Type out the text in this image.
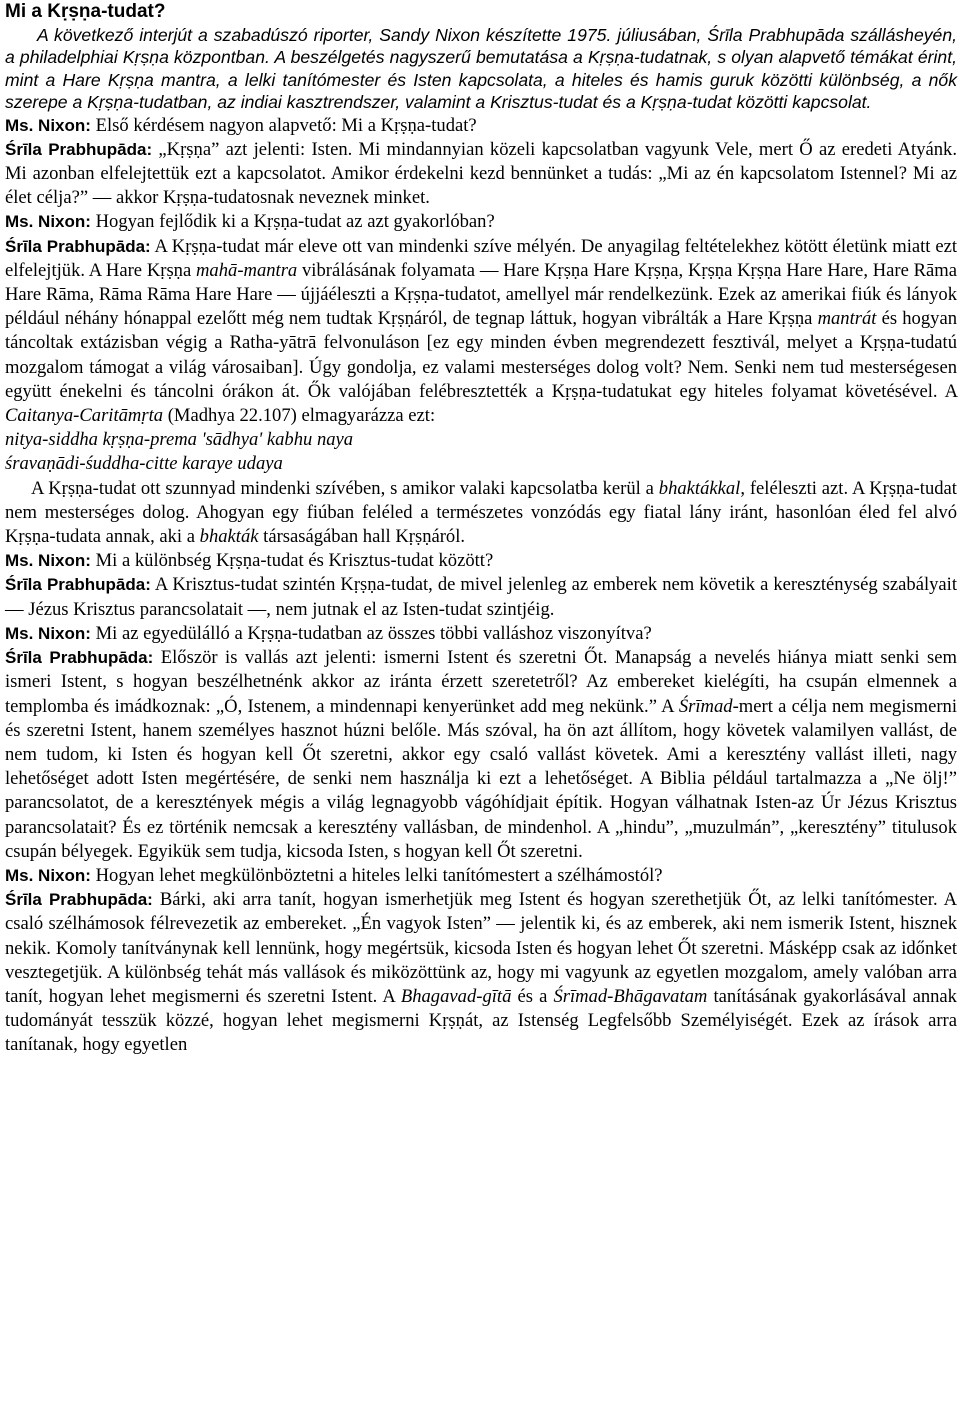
Mi a Kṛṣṇa-tudat?

A következő interjút a szabadúszó riporter, Sandy Nixon készítette 1975. júliusában, Śrīla Prabhupāda szállásheyén, a philadelphiai Kṛṣṇa központban. A beszélgetés nagyszerű bemutatása a Kṛṣṇa-tudatnak, s olyan alapvető témákat érint, mint a Hare Kṛṣṇa mantra, a lelki tanítómester és Isten kapcsolata, a hiteles és hamis guruk közötti különbség, a nők szerepe a Kṛṣṇa-tudatban, az indiai kasztrendszer, valamint a Krisztus-tudat és a Kṛṣṇa-tudat közötti kapcsolat.

Ms. Nixon: Első kérdésem nagyon alapvető: Mi a Kṛṣṇa-tudat?

Śrīla Prabhupāda: „Kṛṣṇa” azt jelenti: Isten. Mi mindannyian közeli kapcsolatban vagyunk Vele, mert Ő az eredeti Atyánk. Mi azonban elfelejtettük ezt a kapcsolatot. Amikor érdekelni kezd bennünket a tudás: „Mi az én kapcsolatom Istennel? Mi az élet célja?” — akkor Kṛṣṇa-tudatosnak neveznek minket.

Ms. Nixon: Hogyan fejlődik ki a Kṛṣṇa-tudat az azt gyakorlóban?

Śrīla Prabhupāda: A Kṛṣṇa-tudat már eleve ott van mindenki szíve mélyén. De anyagilag feltételekhez kötött életünk miatt ezt elfelejtjük. A Hare Kṛṣṇa mahā-mantra vibrálásának folyamata — Hare Kṛṣṇa Hare Kṛṣṇa, Kṛṣṇa Kṛṣṇa Hare Hare, Hare Rāma Hare Rāma, Rāma Rāma Hare Hare — újjáéleszti a Kṛṣṇa-tudatot, amellyel már rendelkezünk. Ezek az amerikai fiúk és lányok például néhány hónappal ezelőtt még nem tudtak Kṛṣṇáról, de tegnap láttuk, hogyan vibrálták a Hare Kṛṣṇa mantrát és hogyan táncoltak extázisban végig a Ratha-yātrā felvonuláson [ez egy minden évben megrendezett fesztivál, melyet a Kṛṣṇa-tudatú mozgalom támogat a világ városaiban]. Úgy gondolja, ez valami mesterséges dolog volt? Nem. Senki nem tud mesterségesen együtt énekelni és táncolni órákon át. Ők valójában felébresztették a Kṛṣṇa-tudatukat egy hiteles folyamat követésével. A Caitanya-Caritāmṛta (Madhya 22.107) elmagyarázza ezt:

nitya-siddha kṛṣṇa-prema 'sādhya' kabhu naya

śravaṇādi-śuddha-citte karaye udaya

A Kṛṣṇa-tudat ott szunnyad mindenki szívében, s amikor valaki kapcsolatba kerül a bhaktákkal, feléleszti azt. A Kṛṣṇa-tudat nem mesterséges dolog. Ahogyan egy fiúban feléled a természetes vonzódás egy fiatal lány iránt, hasonlóan éled fel alvó Kṛṣṇa-tudata annak, aki a bhakták társaságában hall Kṛṣṇáról.

Ms. Nixon: Mi a különbség Kṛṣṇa-tudat és Krisztus-tudat között?

Śrīla Prabhupāda: A Krisztus-tudat szintén Kṛṣṇa-tudat, de mivel jelenleg az emberek nem követik a kereszténység szabályait — Jézus Krisztus parancsolatait —, nem jutnak el az Isten-tudat szintjéig.

Ms. Nixon: Mi az egyedülálló a Kṛṣṇa-tudatban az összes többi valláshoz viszonyítva?

Śrīla Prabhupāda: Először is vallás azt jelenti: ismerni Istent és szeretni Őt. Manapság a nevelés hiánya miatt senki sem ismeri Istent, s hogyan beszélhetnénk akkor az iránta érzett szeretetről? Az embereket kielégíti, ha csupán elmennek a templomba és imádkoznak: „Ó, Istenem, a mindennapi kenyerünket add meg nekünk.” A Śrīmad-mert a célja nem megismerni és szeretni Istent, hanem személyes hasznot húzni belőle. Más szóval, ha ön azt állítom, hogy követek valamilyen vallást, de nem tudom, ki Isten és hogyan kell Őt szeretni, akkor egy csaló vallást követek. Ami a keresztény vallást illeti, nagy lehetőséget adott Isten megértésére, de senki nem használja ki ezt a lehetőséget. A Biblia például tartalmazza a „Ne ölj!” parancsolatot, de a keresztények mégis a világ legnagyobb vágóhídjait építik. Hogyan válhatnak Isten-az Úr Jézus Krisztus parancsolatait? És ez történik nemcsak a keresztény vallásban, de mindenhol. A „hindu”, „muzulmán”, „keresztény” titulusok csupán bélyegek. Egyikük sem tudja, kicsoda Isten, s hogyan kell Őt szeretni.

Ms. Nixon: Hogyan lehet megkülönböztetni a hiteles lelki tanítómestert a szélhámostól?

Śrīla Prabhupāda: Bárki, aki arra tanít, hogyan ismerhetjük meg Istent és hogyan szerethetjük Őt, az lelki tanítómester. A csaló szélhámosok félrevezetik az embereket. „Én vagyok Isten” — jelentik ki, és az emberek, aki nem ismerik Istent, hisznek nekik. Komoly tanítványnak kell lennünk, hogy megértsük, kicsoda Isten és hogyan lehet Őt szeretni. Másképp csak az időnket vesztegetjük. A különbség tehát más vallások és miközöttünk az, hogy mi vagyunk az egyetlen mozgalom, amely valóban arra tanít, hogyan lehet megismerni és szeretni Istent. A Bhagavad-gītā és a Śrīmad-Bhāgavatam tanításának gyakorlásával annak tudományát tesszük közzé, hogyan lehet megismerni Kṛṣṇát, az Istenség Legfelsőbb Személyiségét. Ezek az írások arra tanítanak, hogy egyetlen
